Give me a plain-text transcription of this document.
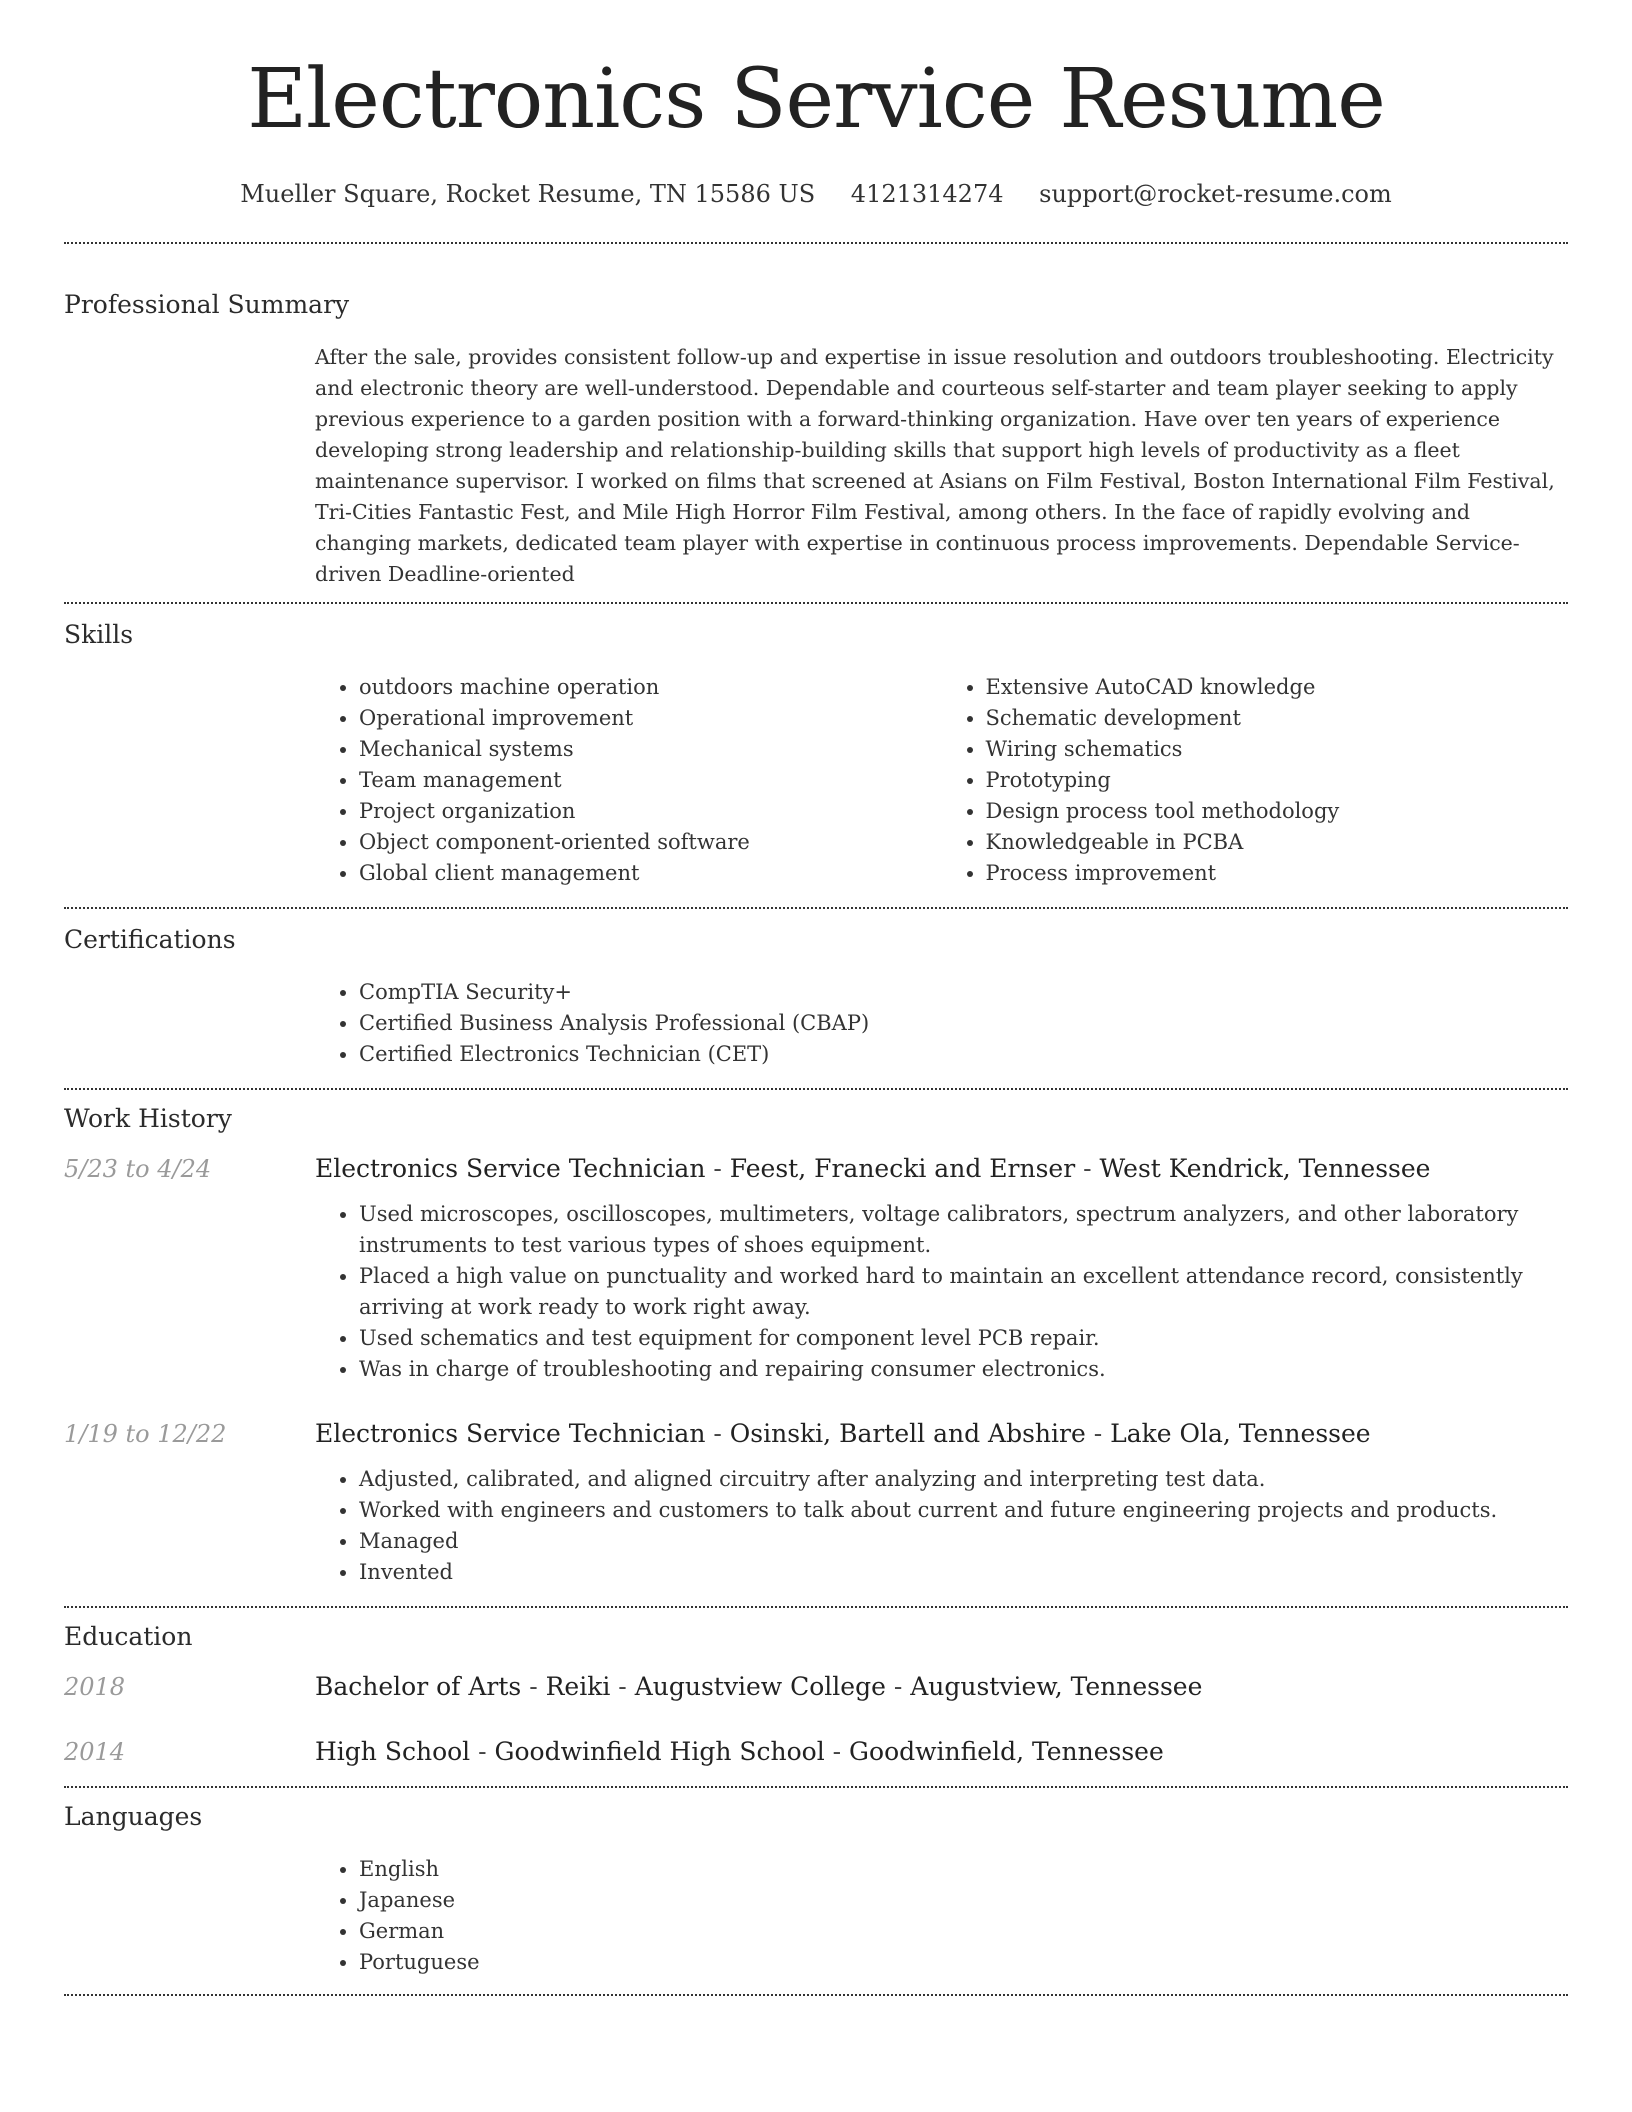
Electronics Service Resume
Mueller Square, Rocket Resume, TN 15586 US 4121314274 support@rocket-resume.com
Professional Summary
After the sale, provides consistent follow-up and expertise in issue resolution and outdoors troubleshooting. Electricity and electronic theory are well-understood. Dependable and courteous self-starter and team player seeking to apply previous experience to a garden position with a forward-thinking organization. Have over ten years of experience developing strong leadership and relationship-building skills that support high levels of productivity as a fleet maintenance supervisor. I worked on films that screened at Asians on Film Festival, Boston International Film Festival, Tri-Cities Fantastic Fest, and Mile High Horror Film Festival, among others. In the face of rapidly evolving and changing markets, dedicated team player with expertise in continuous process improvements. Dependable Service-driven Deadline-oriented
Skills
• outdoors machine operation
• Operational improvement
• Mechanical systems
• Team management
• Project organization
• Object component-oriented software
• Global client management
• Extensive AutoCAD knowledge
• Schematic development
• Wiring schematics
• Prototyping
• Design process tool methodology
• Knowledgeable in PCBA
• Process improvement
Certifications
• CompTIA Security+
• Certified Business Analysis Professional (CBAP)
• Certified Electronics Technician (CET)
Work History
5/23 to 4/24	Electronics Service Technician - Feest, Franecki and Ernser - West Kendrick, Tennessee
• Used microscopes, oscilloscopes, multimeters, voltage calibrators, spectrum analyzers, and other laboratory instruments to test various types of shoes equipment.
• Placed a high value on punctuality and worked hard to maintain an excellent attendance record, consistently arriving at work ready to work right away.
• Used schematics and test equipment for component level PCB repair.
• Was in charge of troubleshooting and repairing consumer electronics.
1/19 to 12/22	Electronics Service Technician - Osinski, Bartell and Abshire - Lake Ola, Tennessee
• Adjusted, calibrated, and aligned circuitry after analyzing and interpreting test data.
• Worked with engineers and customers to talk about current and future engineering projects and products.
• Managed
• Invented
Education
2018	Bachelor of Arts - Reiki - Augustview College - Augustview, Tennessee
2014	High School - Goodwinfield High School - Goodwinfield, Tennessee
Languages
• English
• Japanese
• German
• Portuguese
